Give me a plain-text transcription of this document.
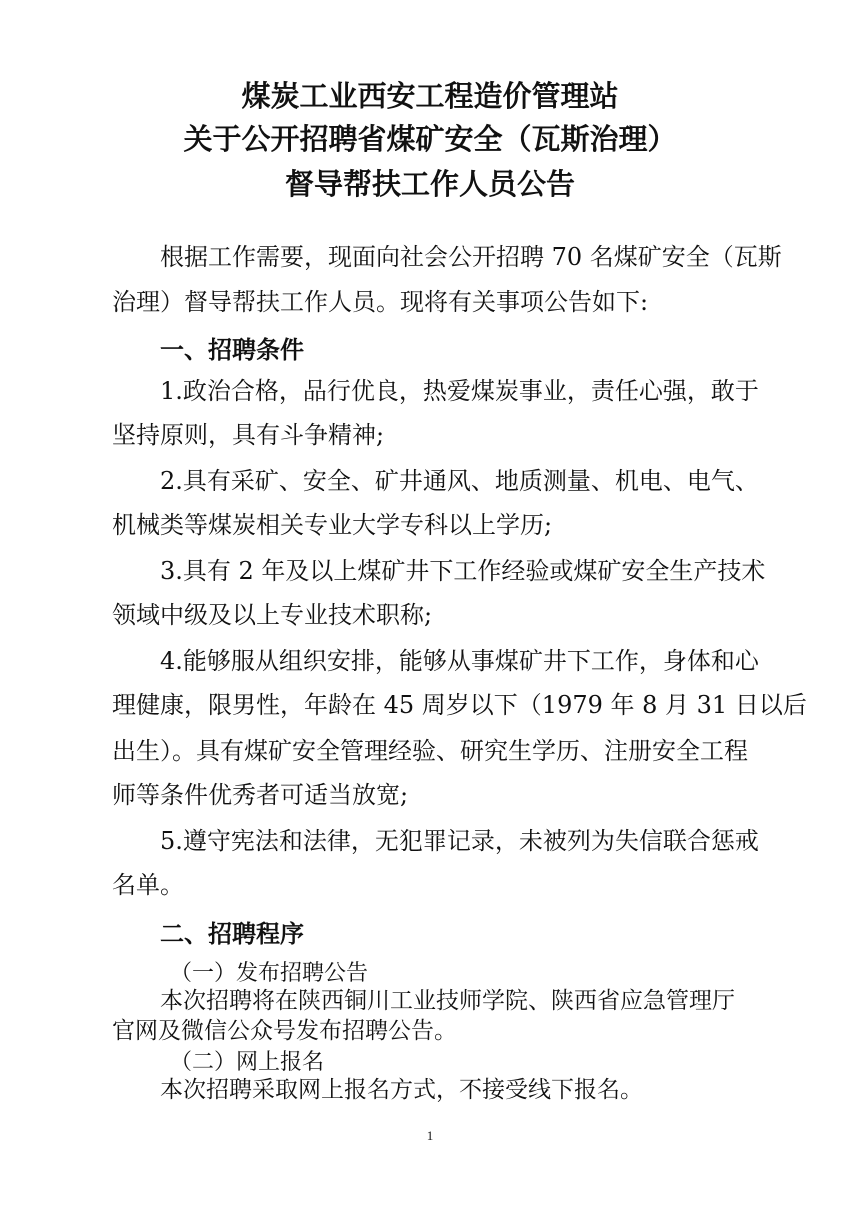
煤炭工业西安工程造价管理站
关于公开招聘省煤矿安全（瓦斯治理）
督导帮扶工作人员公告
根据工作需要，现面向社会公开招聘 70 名煤矿安全（瓦斯
治理）督导帮扶工作人员。现将有关事项公告如下:
一、招聘条件
1.政治合格，品行优良，热爱煤炭事业，责任心强，敢于
坚持原则，具有斗争精神;
2.具有采矿、安全、矿井通风、地质测量、机电、电气、
机械类等煤炭相关专业大学专科以上学历;
3.具有 2 年及以上煤矿井下工作经验或煤矿安全生产技术
领域中级及以上专业技术职称;
4.能够服从组织安排，能够从事煤矿井下工作，身体和心
理健康，限男性，年龄在 45 周岁以下（1979 年 8 月 31 日以后
出生）。具有煤矿安全管理经验、研究生学历、注册安全工程
师等条件优秀者可适当放宽;
5.遵守宪法和法律，无犯罪记录，未被列为失信联合惩戒
名单。
二、招聘程序
（一）发布招聘公告
本次招聘将在陕西铜川工业技师学院、陕西省应急管理厅
官网及微信公众号发布招聘公告。
（二）网上报名
本次招聘采取网上报名方式，不接受线下报名。
1
